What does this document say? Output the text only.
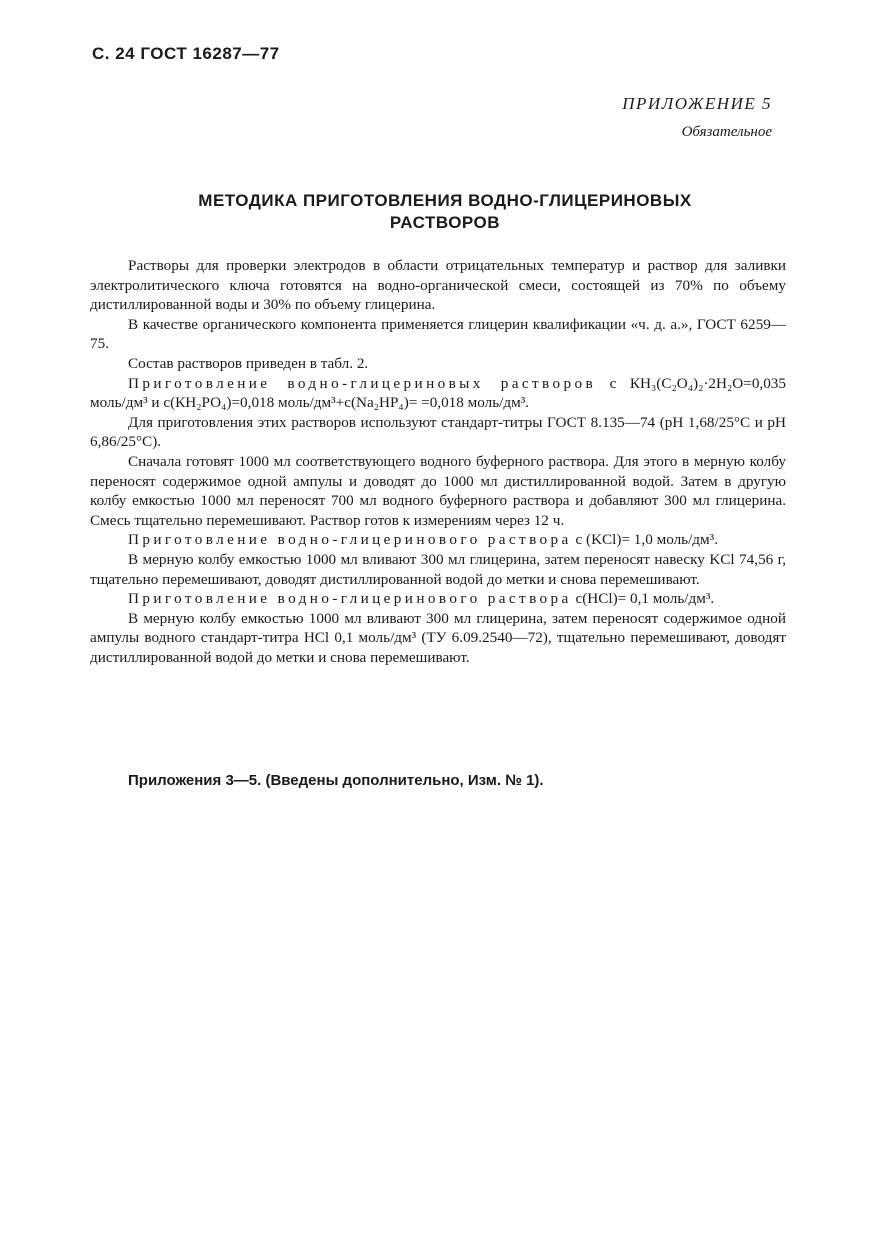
С. 24 ГОСТ 16287—77
ПРИЛОЖЕНИЕ 5
Обязательное
МЕТОДИКА ПРИГОТОВЛЕНИЯ ВОДНО-ГЛИЦЕРИНОВЫХ
РАСТВОРОВ

Растворы для проверки электродов в области отрицательных температур и раствор для заливки электролитического ключа готовятся на водно-органической смеси, состоящей из 70% по объему дистиллированной воды и 30% по объему глицерина.

В качестве органического компонента применяется глицерин квалификации «ч. д. а.», ГОСТ 6259—75.

Состав растворов приведен в табл. 2.

Приготовление водно-глицериновых растворов с КН₃(С₂О₄)₂·2Н₂О=0,035 моль/дм³ и с(КН₂РО₄)=0,018 моль/дм³+с(Na₂HP₄)= =0,018 моль/дм³.

Для приготовления этих растворов используют стандарт-титры ГОСТ 8.135—74 (рН 1,68/25°С и рН 6,86/25°С).

Сначала готовят 1000 мл соответствующего водного буферного раствора. Для этого в мерную колбу переносят содержимое одной ампулы и доводят до 1000 мл дистиллированной водой. Затем в другую колбу емкостью 1000 мл переносят 700 мл водного буферного раствора и добавляют 300 мл глицерина. Смесь тщательно перемешивают. Раствор готов к измерениям через 12 ч.

Приготовление водно-глицеринового раствора с (KCl)= 1,0 моль/дм³.

В мерную колбу емкостью 1000 мл вливают 300 мл глицерина, затем переносят навеску KCl 74,56 г, тщательно перемешивают, доводят дистиллированной водой до метки и снова перемешивают.

Приготовление водно-глицеринового раствора с(HCl)= 0,1 моль/дм³.

В мерную колбу емкостью 1000 мл вливают 300 мл глицерина, затем переносят содержимое одной ампулы водного стандарт-титра HCl 0,1 моль/дм³ (ТУ 6.09.2540—72), тщательно перемешивают, доводят дистиллированной водой до метки и снова перемешивают.

Приложения 3—5. (Введены дополнительно, Изм. № 1).
